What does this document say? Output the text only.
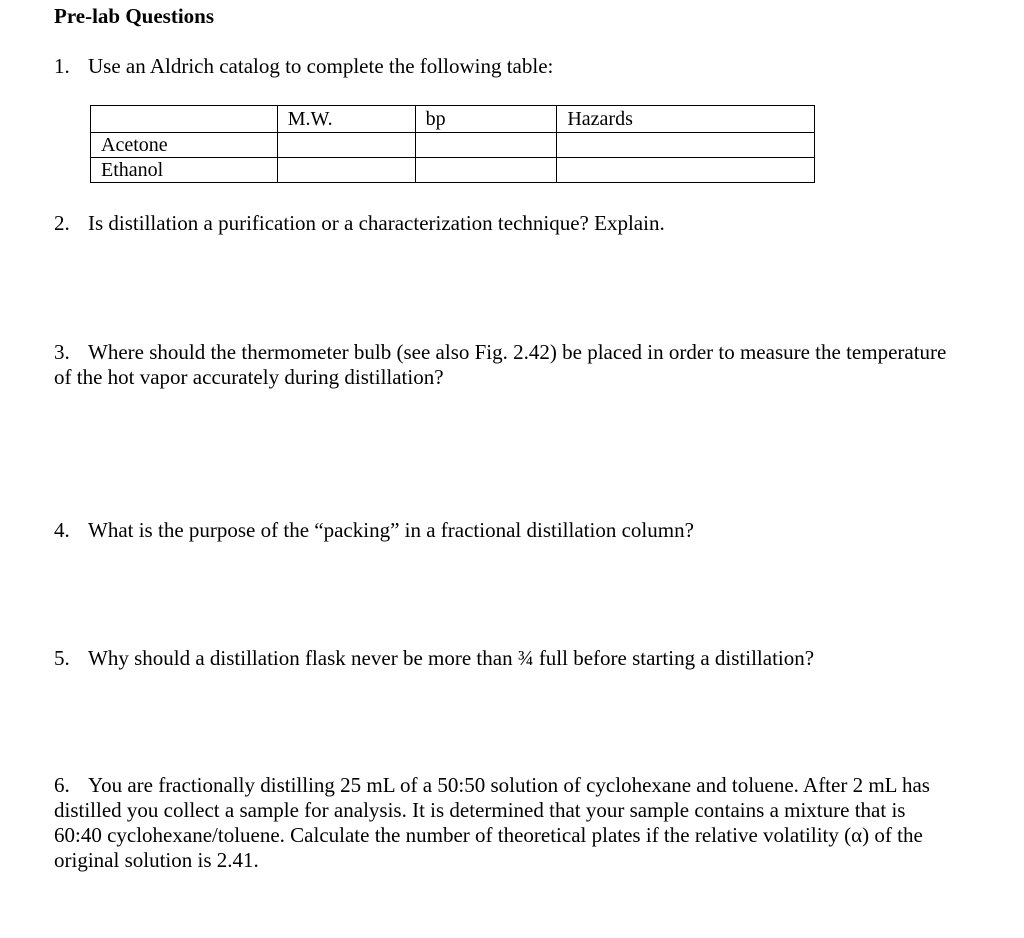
Pre-lab Questions
1. Use an Aldrich catalog to complete the following table:
	M.W.	bp	Hazards
Acetone			
Ethanol			
2. Is distillation a purification or a characterization technique? Explain.
3. Where should the thermometer bulb (see also Fig. 2.42) be placed in order to measure the temperature of the hot vapor accurately during distillation?
4. What is the purpose of the “packing” in a fractional distillation column?
5. Why should a distillation flask never be more than ¾ full before starting a distillation?
6. You are fractionally distilling 25 mL of a 50:50 solution of cyclohexane and toluene. After 2 mL has distilled you collect a sample for analysis. It is determined that your sample contains a mixture that is 60:40 cyclohexane/toluene. Calculate the number of theoretical plates if the relative volatility (α) of the original solution is 2.41.
